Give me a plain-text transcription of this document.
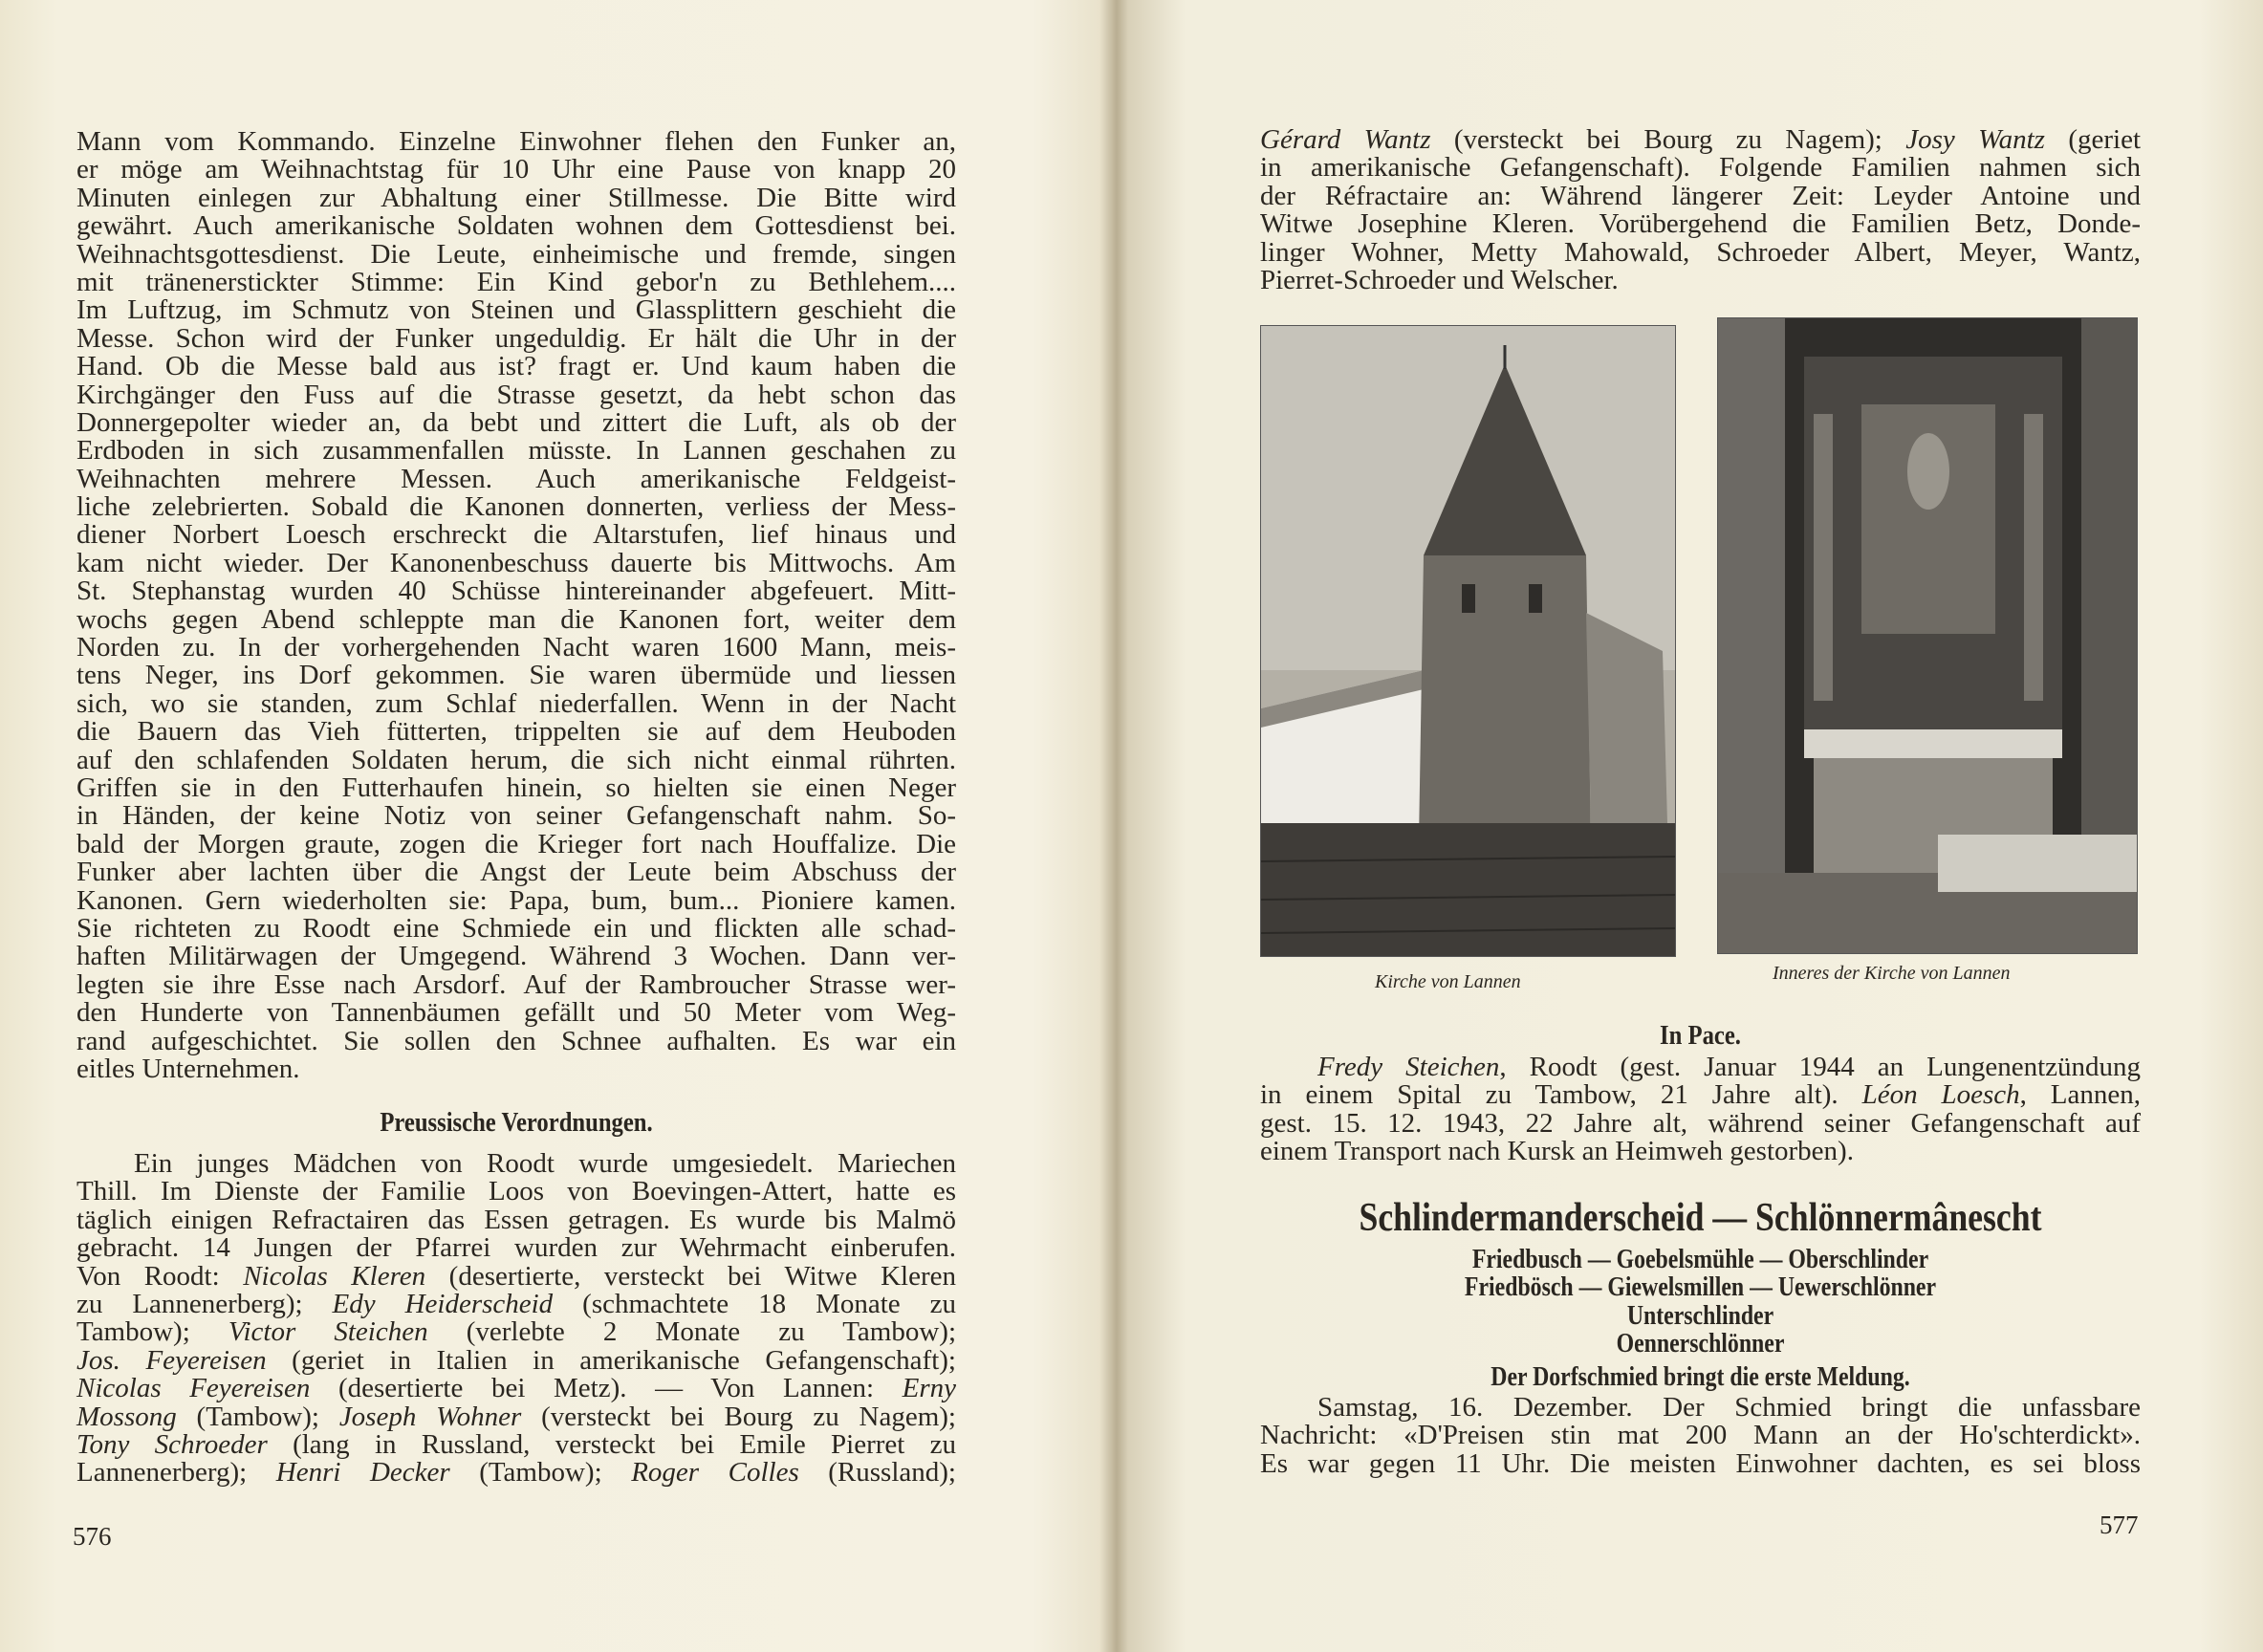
Mann vom Kommando. Einzelne Einwohner flehen den Funker an,
er möge am Weihnachtstag für 10 Uhr eine Pause von knapp 20
Minuten einlegen zur Abhaltung einer Stillmesse. Die Bitte wird
gewährt. Auch amerikanische Soldaten wohnen dem Gottesdienst bei.
Weihnachtsgottesdienst. Die Leute, einheimische und fremde, singen
mit tränenerstickter Stimme: Ein Kind gebor'n zu Bethlehem....
Im Luftzug, im Schmutz von Steinen und Glassplittern geschieht die
Messe. Schon wird der Funker ungeduldig. Er hält die Uhr in der
Hand. Ob die Messe bald aus ist? fragt er. Und kaum haben die
Kirchgänger den Fuss auf die Strasse gesetzt, da hebt schon das
Donnergepolter wieder an, da bebt und zittert die Luft, als ob der
Erdboden in sich zusammenfallen müsste. In Lannen geschahen zu
Weihnachten mehrere Messen. Auch amerikanische Feldgeist-
liche zelebrierten. Sobald die Kanonen donnerten, verliess der Mess-
diener Norbert Loesch erschreckt die Altarstufen, lief hinaus und
kam nicht wieder. Der Kanonenbeschuss dauerte bis Mittwochs. Am
St. Stephanstag wurden 40 Schüsse hintereinander abgefeuert. Mitt-
wochs gegen Abend schleppte man die Kanonen fort, weiter dem
Norden zu. In der vorhergehenden Nacht waren 1600 Mann, meis-
tens Neger, ins Dorf gekommen. Sie waren übermüde und liessen
sich, wo sie standen, zum Schlaf niederfallen. Wenn in der Nacht
die Bauern das Vieh fütterten, trippelten sie auf dem Heuboden
auf den schlafenden Soldaten herum, die sich nicht einmal rührten.
Griffen sie in den Futterhaufen hinein, so hielten sie einen Neger
in Händen, der keine Notiz von seiner Gefangenschaft nahm. So-
bald der Morgen graute, zogen die Krieger fort nach Houffalize. Die
Funker aber lachten über die Angst der Leute beim Abschuss der
Kanonen. Gern wiederholten sie: Papa, bum, bum... Pioniere kamen.
Sie richteten zu Roodt eine Schmiede ein und flickten alle schad-
haften Militärwagen der Umgegend. Während 3 Wochen. Dann ver-
legten sie ihre Esse nach Arsdorf. Auf der Rambroucher Strasse wer-
den Hunderte von Tannenbäumen gefällt und 50 Meter vom Weg-
rand aufgeschichtet. Sie sollen den Schnee aufhalten. Es war ein
eitles Unternehmen.
Preussische Verordnungen.
Ein junges Mädchen von Roodt wurde umgesiedelt. Mariechen
Thill. Im Dienste der Familie Loos von Boevingen-Attert, hatte es
täglich einigen Refractairen das Essen getragen. Es wurde bis Malmö
gebracht. 14 Jungen der Pfarrei wurden zur Wehrmacht einberufen.
Von Roodt: Nicolas Kleren (desertierte, versteckt bei Witwe Kleren
zu Lannenerberg); Edy Heiderscheid (schmachtete 18 Monate zu
Tambow); Victor Steichen (verlebte 2 Monate zu Tambow);
Jos. Feyereisen (geriet in Italien in amerikanische Gefangenschaft);
Nicolas Feyereisen (desertierte bei Metz). — Von Lannen: Erny
Mossong (Tambow); Joseph Wohner (versteckt bei Bourg zu Nagem);
Tony Schroeder (lang in Russland, versteckt bei Emile Pierret zu
Lannenerberg); Henri Decker (Tambow); Roger Colles (Russland);
576
Gérard Wantz (versteckt bei Bourg zu Nagem); Josy Wantz (geriet
in amerikanische Gefangenschaft). Folgende Familien nahmen sich
der Réfractaire an: Während längerer Zeit: Leyder Antoine und
Witwe Josephine Kleren. Vorübergehend die Familien Betz, Donde-
linger Wohner, Metty Mahowald, Schroeder Albert, Meyer, Wantz,
Pierret-Schroeder und Welscher.
Kirche von Lannen	Inneres der Kirche von Lannen
In Pace.
Fredy Steichen, Roodt (gest. Januar 1944 an Lungenentzündung
in einem Spital zu Tambow, 21 Jahre alt). Léon Loesch, Lannen,
gest. 15. 12. 1943, 22 Jahre alt, während seiner Gefangenschaft auf
einem Transport nach Kursk an Heimweh gestorben).
Schlindermanderscheid — Schlönnermânescht
Friedbusch — Goebelsmühle — Oberschlinder
Friedbösch — Giewelsmillen — Uewerschlönner
Unterschlinder
Oennerschlönner
Der Dorfschmied bringt die erste Meldung.
Samstag, 16. Dezember. Der Schmied bringt die unfassbare
Nachricht: «D'Preisen stin mat 200 Mann an der Ho'schterdickt».
Es war gegen 11 Uhr. Die meisten Einwohner dachten, es sei bloss
577
